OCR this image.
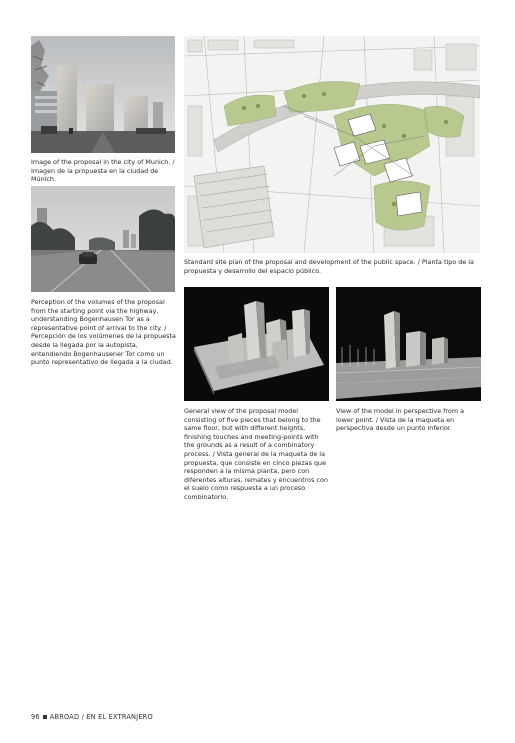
Image of the proposal in the city of Munich. / Imagen de la propuesta en la ciudad de Múnich.

Perception of the volumes of the proposal from the starting point via the highway, understanding Bogenhausen Tor as a representative point of arrival to the city. / Percepción de los volúmenes de la propuesta desde la llegada por la autopista, entendiendo Bogenhausener Tor como un punto representativo de llegada a la ciudad.

Standard site plan of the proposal and development of the public space. / Planta tipo de la propuesta y desarrollo del espacio público.

General view of the proposal model consisting of five pieces that belong to the same floor, but with different heights, finishing touches and meeting-points with the grounds as a result of a combinatory process. / Vista general de la maqueta de la propuesta, que consiste en cinco piezas que responden a la misma planta, pero con diferentes alturas, remates y encuentros con el suelo como respuesta a un proceso combinatorio.

View of the model in perspective from a lower point. / Vista de la maqueta en perspectiva desde un punto inferior.

96 ABROAD / EN EL EXTRANJERO
